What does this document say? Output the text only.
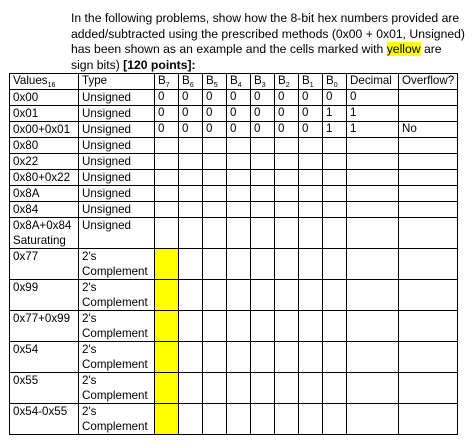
In the following problems, show how the 8-bit hex numbers provided are added/subtracted using the prescribed methods (0x00 + 0x01, Unsigned) has been shown as an example and the cells marked with yellow are sign bits) [120 points]:
Values$_{16}$	Type	$B_7$	$B_6$	$B_5$	$B_4$	$B_3$	$B_2$	$B_1$	$B_0$	Decimal	Overflow?
0x00	Unsigned	0	0	0	0	0	0	0	0	0	
0x01	Unsigned	0	0	0	0	0	0	0	1	1	
0x00+0x01	Unsigned	0	0	0	0	0	0	0	1	1	No
0x80	Unsigned										
0x22	Unsigned										
0x80+0x22	Unsigned										
0x8A	Unsigned										
0x84	Unsigned										
0x8A+0x84 Saturating	Unsigned										
0x77	2's Complement										
0x99	2's Complement										
0x77+0x99	2's Complement										
0x54	2's Complement										
0x55	2's Complement										
0x54-0x55	2's Complement										
